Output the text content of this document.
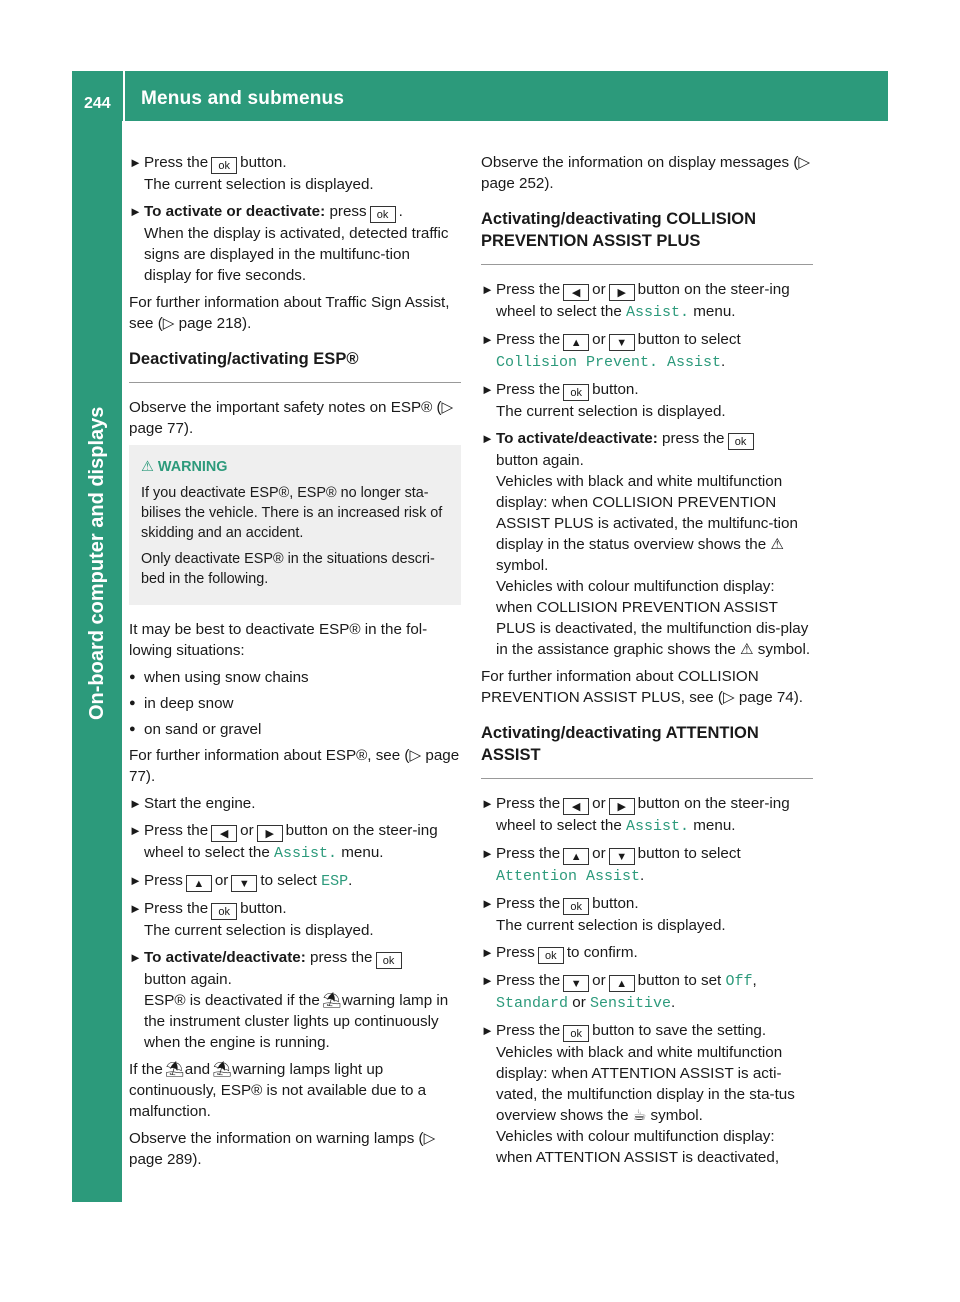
244 Menus and submenus
On-board computer and displays
► Press the ok button.
The current selection is displayed.
► To activate or deactivate: press ok .
When the display is activated, detected traffic signs are displayed in the multifunc-tion display for five seconds.

For further information about Traffic Sign Assist, see (▷ page 218).

Deactivating/activating ESP®

Observe the important safety notes on ESP® (▷ page 77).

⚠ WARNING

If you deactivate ESP®, ESP® no longer sta-bilises the vehicle. There is an increased risk of skidding and an accident.

Only deactivate ESP® in the situations descri-bed in the following.

It may be best to deactivate ESP® in the fol-lowing situations:

● when using snow chains
● in deep snow
● on sand or gravel

For further information about ESP®, see (▷ page 77).

► Start the engine.
► Press the ◀ or ▶ button on the steer-ing wheel to select the Assist. menu.
► Press ▲ or ▼ to select ESP.
► Press the ok button.
The current selection is displayed.
► To activate/deactivate: press the ok
button again.
ESP® is deactivated if the ⛱warning lamp in the instrument cluster lights up continuously when the engine is running.

If the ⛱and ⛱warning lamps light up continuously, ESP® is not available due to a malfunction.

Observe the information on warning lamps (▷ page 289).

Observe the information on display messages (▷ page 252).

Activating/deactivating COLLISION PREVENTION ASSIST PLUS
► Press the ◀ or ▶ button on the steer-ing wheel to select the Assist. menu.
► Press the ▲ or ▼ button to select
Collision Prevent. Assist.
► Press the ok button.
The current selection is displayed.
► To activate/deactivate: press the ok
button again.
Vehicles with black and white multifunction display: when COLLISION PREVENTION ASSIST PLUS is activated, the multifunc-tion display in the status overview shows the ⚠symbol.
Vehicles with colour multifunction display: when COLLISION PREVENTION ASSIST PLUS is deactivated, the multifunction dis-play in the assistance graphic shows the ⚠ symbol.

For further information about COLLISION PREVENTION ASSIST PLUS, see (▷ page 74).

Activating/deactivating ATTENTION ASSIST
► Press the ◀ or ▶ button on the steer-ing wheel to select the Assist. menu.
► Press the ▲ or ▼ button to select
Attention Assist.
► Press the ok button.
The current selection is displayed.
► Press ok to confirm.
► Press the ▼ or ▲ button to set Off,
Standard or Sensitive.
► Press the ok button to save the setting.
Vehicles with black and white multifunction display: when ATTENTION ASSIST is acti-vated, the multifunction display in the sta-tus overview shows the ☕ symbol.
Vehicles with colour multifunction display: when ATTENTION ASSIST is deactivated,
